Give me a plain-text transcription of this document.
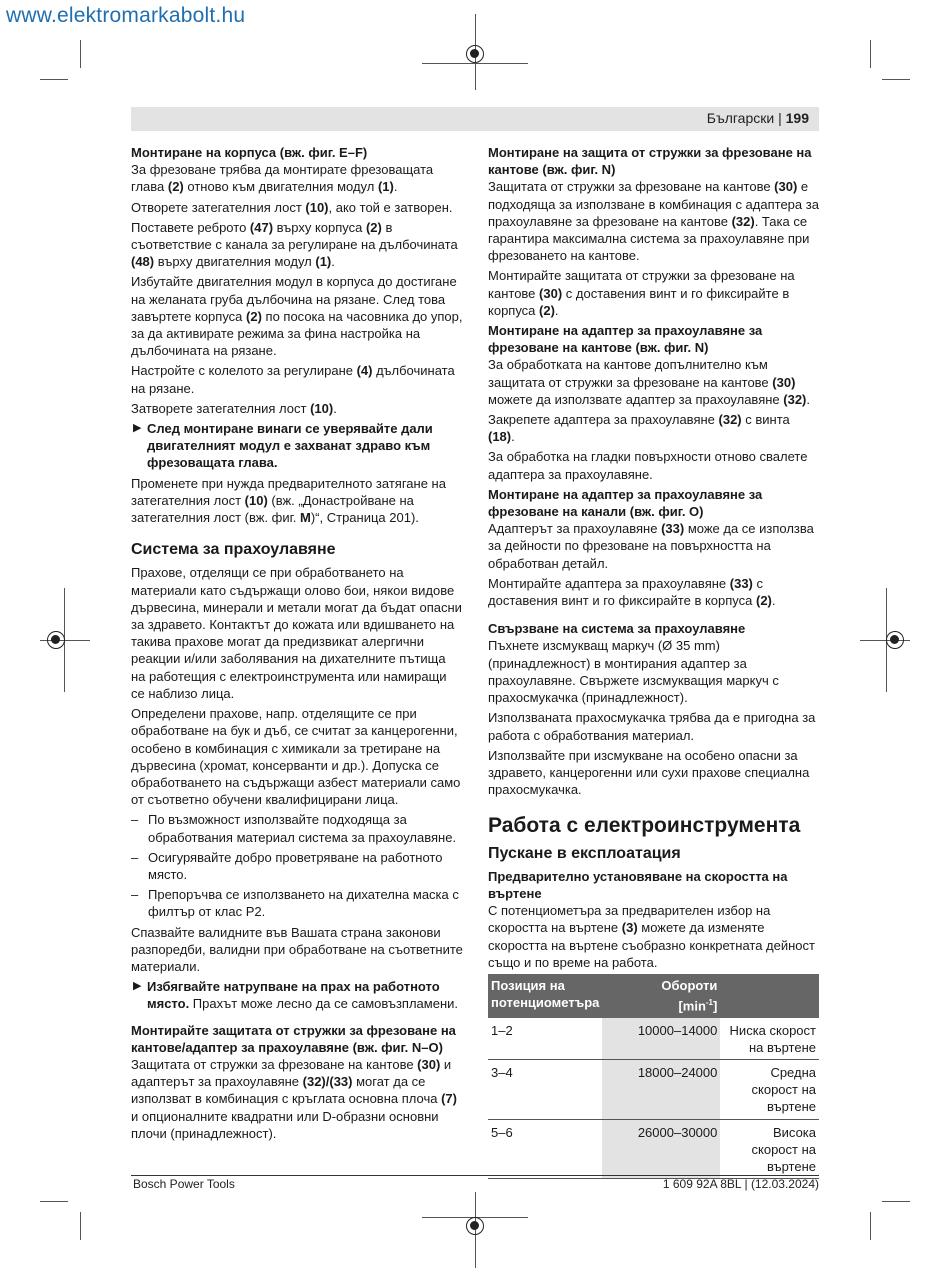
www.elektromarkabolt.hu
Български | 199
Монтиране на корпуса (вж. фиг. E–F)

За фрезоване трябва да монтирате фрезоващата глава (2) отново към двигателния модул (1).

Отворете затегателния лост (10), ако той е затворен.

Поставете реброто (47) върху корпуса (2) в съответствие с канала за регулиране на дълбочината (48) върху двигателния модул (1).

Избутайте двигателния модул в корпуса до достигане на желаната груба дълбочина на рязане. След това завъртете корпуса (2) по посока на часовника до упор, за да активирате режима за фина настройка на дълбочината на рязане.

Настройте с колелото за регулиране (4) дълбочината на рязане.

Затворете затегателния лост (10).

▶ След монтиране винаги се уверявайте дали двигателният модул е захванат здраво към фрезоващата глава.

Променете при нужда предварителното затягане на затегателния лост (10) (вж. „Донастройване на затегателния лост (вж. фиг. M)“, Страница 201).

Система за прахоулавяне

Прахове, отделящи се при обработването на материали като съдържащи олово бои, някои видове дървесина, минерали и метали могат да бъдат опасни за здравето. Контактът до кожата или вдишването на такива прахове могат да предизвикат алергични реакции и/или заболявания на дихателните пътища на работещия с електроинструмента или намиращи се наблизо лица.

Определени прахове, напр. отделящите се при обработване на бук и дъб, се считат за канцерогенни, особено в комбинация с химикали за третиране на дървесина (хромат, консерванти и др.). Допуска се обработването на съдържащи азбест материали само от съответно обучени квалифицирани лица.

– По възможност използвайте подходяща за обработвания материал система за прахоулавяне.
– Осигурявайте добро проветряване на работното място.
– Препоръчва се използването на дихателна маска с филтър от клас P2.

Спазвайте валидните във Вашата страна законови разпоредби, валидни при обработване на съответните материали.

▶ Избягвайте натрупване на прах на работното място. Прахът може лесно да се самовъзпламени.
Монтирайте защитата от стружки за фрезоване на кантове/адаптер за прахоулавяне (вж. фиг. N–O)

Защитата от стружки за фрезоване на кантове (30) и адаптерът за прахоулавяне (32)/(33) могат да се използват в комбинация с кръглата основна плоча (7) и опционалните квадратни или D-образни основни плочи (принадлежност).

Монтиране на защита от стружки за фрезоване на кантове (вж. фиг. N)

Защитата от стружки за фрезоване на кантове (30) е подходяща за използване в комбинация с адаптера за прахоулавяне за фрезоване на кантове (32). Така се гарантира максимална система за прахоулавяне при фрезоването на кантове.

Монтирайте защитата от стружки за фрезоване на кантове (30) с доставения винт и го фиксирайте в корпуса (2).

Монтиране на адаптер за прахоулавяне за фрезоване на кантове (вж. фиг. N)

За обработката на кантове допълнително към защитата от стружки за фрезоване на кантове (30) можете да използвате адаптер за прахоулавяне (32).

Закрепете адаптера за прахоулавяне (32) с винта (18).

За обработка на гладки повърхности отново свалете адаптера за прахоулавяне.

Монтиране на адаптер за прахоулавяне за фрезоване на канали (вж. фиг. O)

Адаптерът за прахоулавяне (33) може да се използва за дейности по фрезоване на повърхността на обработван детайл.

Монтирайте адаптера за прахоулавяне (33) с доставения винт и го фиксирайте в корпуса (2).

Свързване на система за прахоулавяне

Пъхнете изсмукващ маркуч (Ø 35 mm) (принадлежност) в монтирания адаптер за прахоулавяне. Свържете изсмукващия маркуч с прахосмукачка (принадлежност).

Използваната прахосмукачка трябва да е пригодна за работа с обработвания материал.

Използвайте при изсмукване на особено опасни за здравето, канцерогенни или сухи прахове специална прахосмукачка.

Работа с електроинструмента
Пускане в експлоатация
Предварително установяване на скоростта на въртене

С потенциометъра за предварителен избор на скоростта на въртене (3) можете да изменяте скоростта на въртене съобразно конкретната дейност също и по време на работа.

Позиция на потенциометъра	Обороти
$[\min^{-1}]$	
1–2	10000–14000	Ниска скорост на въртене
3–4	18000–24000	Средна скорост на въртене
5–6	26000–30000	Висока скорост на въртене
Bosch Power Tools	1 609 92A 8BL | (12.03.2024)
